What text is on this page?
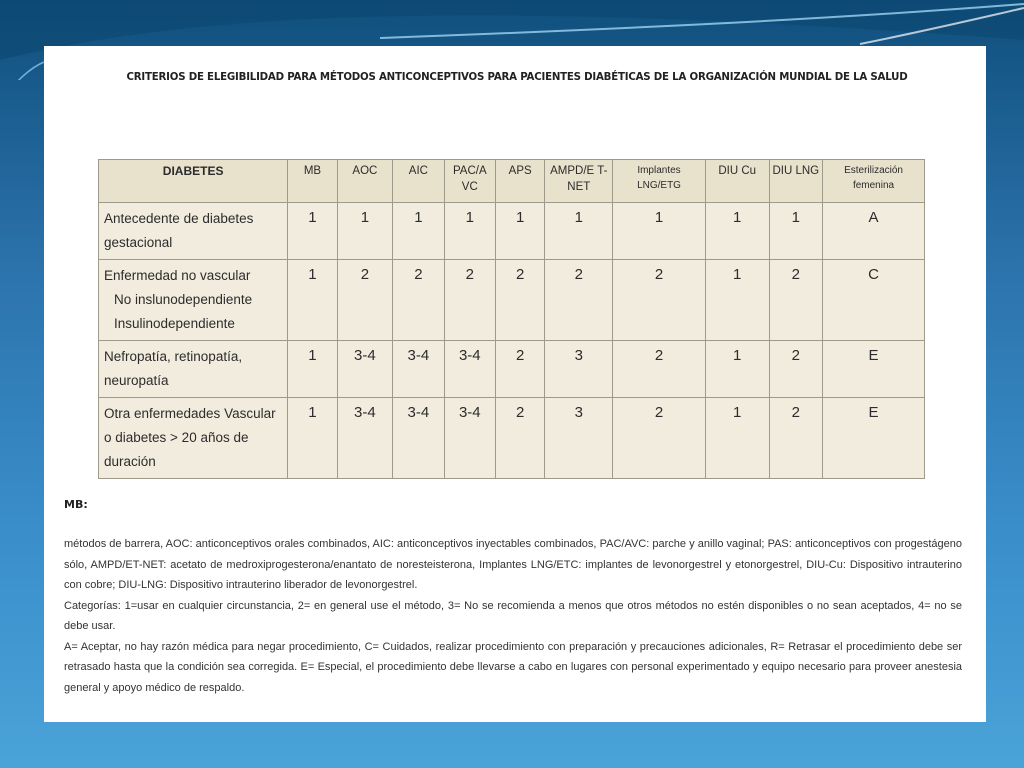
CRITERIOS DE ELEGIBILIDAD PARA MÉTODOS ANTICONCEPTIVOS PARA PACIENTES DIABÉTICAS DE LA ORGANIZACIÓN MUNDIAL DE LA SALUD
DIABETES	MB	AOC	AIC	PAC/A VC	APS	AMPD/E T-NET	Implantes LNG/ETG	DIU Cu	DIU LNG	Esterilización femenina
Antecedente de diabetes gestacional	1	1	1	1	1	1	1	1	1	A
Enfermedad no vascular
No inslunodependiente
Insulinodependiente	1	2	2	2	2	2	2	1	2	C
Nefropatía, retinopatía, neuropatía	1	3-4	3-4	3-4	2	3	2	1	2	E
Otra enfermedades Vascular o diabetes > 20 años de duración	1	3-4	3-4	3-4	2	3	2	1	2	E
MB:

métodos de barrera, AOC: anticonceptivos orales combinados, AIC: anticonceptivos inyectables combinados, PAC/AVC: parche y anillo vaginal; PAS: anticonceptivos con progestágeno sólo, AMPD/ET-NET: acetato de medroxiprogesterona/enantato de noresteisterona, Implantes LNG/ETC: implantes de levonorgestrel y etonorgestrel, DIU-Cu: Dispositivo intrauterino con cobre; DIU-LNG: Dispositivo intrauterino liberador de levonorgestrel.

Categorías: 1=usar en cualquier circunstancia, 2= en general use el método, 3= No se recomienda a menos que otros métodos no estén disponibles o no sean aceptados, 4= no se debe usar.

A= Aceptar, no hay razón médica para negar procedimiento, C= Cuidados, realizar procedimiento con preparación y precauciones adicionales, R= Retrasar el procedimiento debe ser retrasado hasta que la condición sea corregida. E= Especial, el procedimiento debe llevarse a cabo en lugares con personal experimentado y equipo necesario para proveer anestesia general y apoyo médico de respaldo.
